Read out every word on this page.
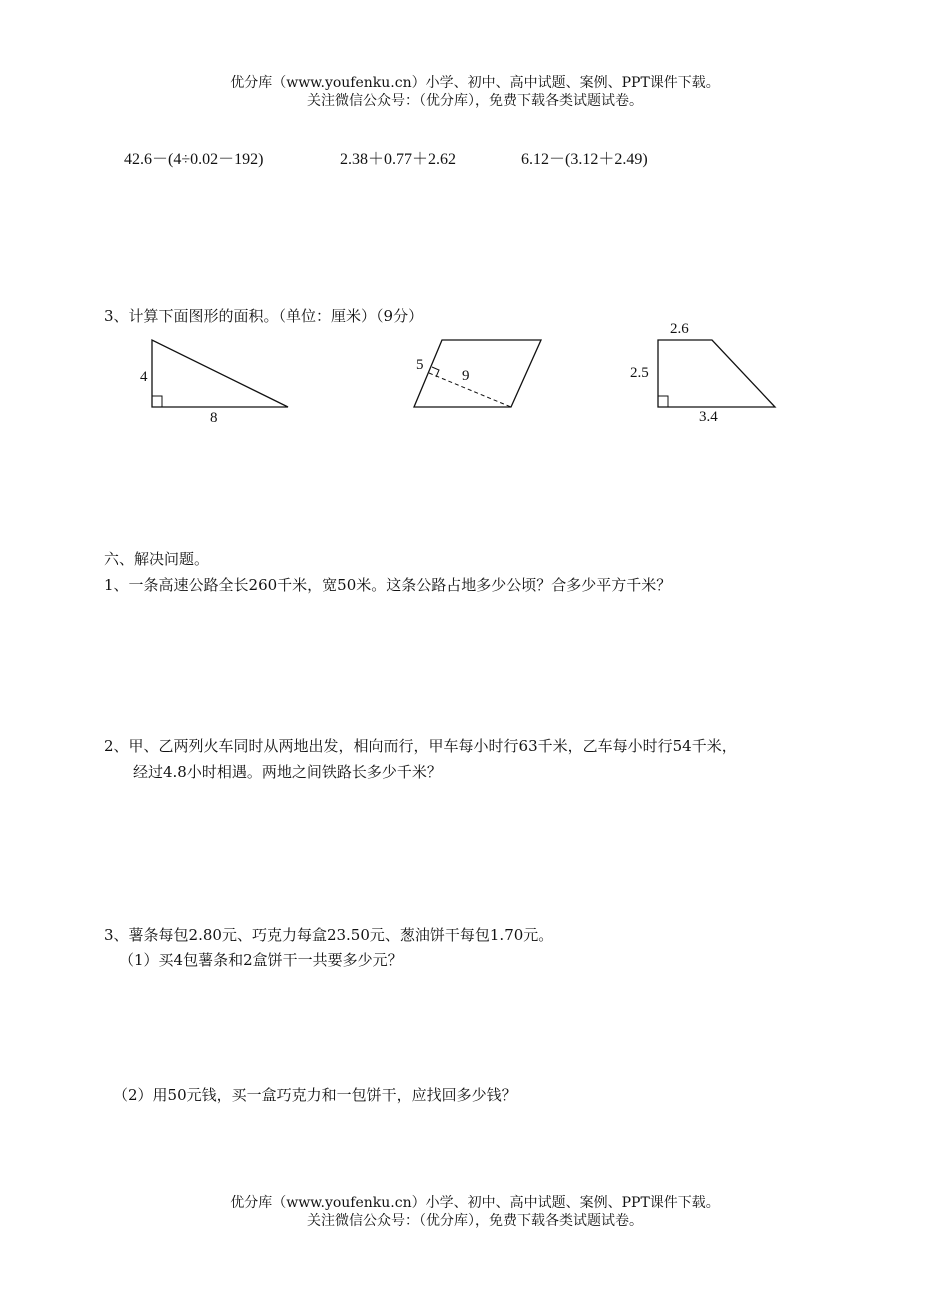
优分库（www.youfenku.cn）小学、初中、高中试题、案例、PPT课件下载。
关注微信公众号：（优分库），免费下载各类试题试卷。
42.6－(4÷0.02－192)	2.38＋0.77＋2.62	6.12－(3.12＋2.49)
3、计算下面图形的面积。（单位：厘米）（9分）
4
8
5
9
2.6
2.5
3.4
六、解决问题。
1、一条高速公路全长260千米，宽50米。这条公路占地多少公顷？合多少平方千米？
2、甲、乙两列火车同时从两地出发，相向而行，甲车每小时行63千米，乙车每小时行54千米，
经过4.8小时相遇。两地之间铁路长多少千米？
3、薯条每包2.80元、巧克力每盒23.50元、葱油饼干每包1.70元。
（1）买4包薯条和2盒饼干一共要多少元？
（2）用50元钱，买一盒巧克力和一包饼干，应找回多少钱？
优分库（www.youfenku.cn）小学、初中、高中试题、案例、PPT课件下载。
关注微信公众号：（优分库），免费下载各类试题试卷。
